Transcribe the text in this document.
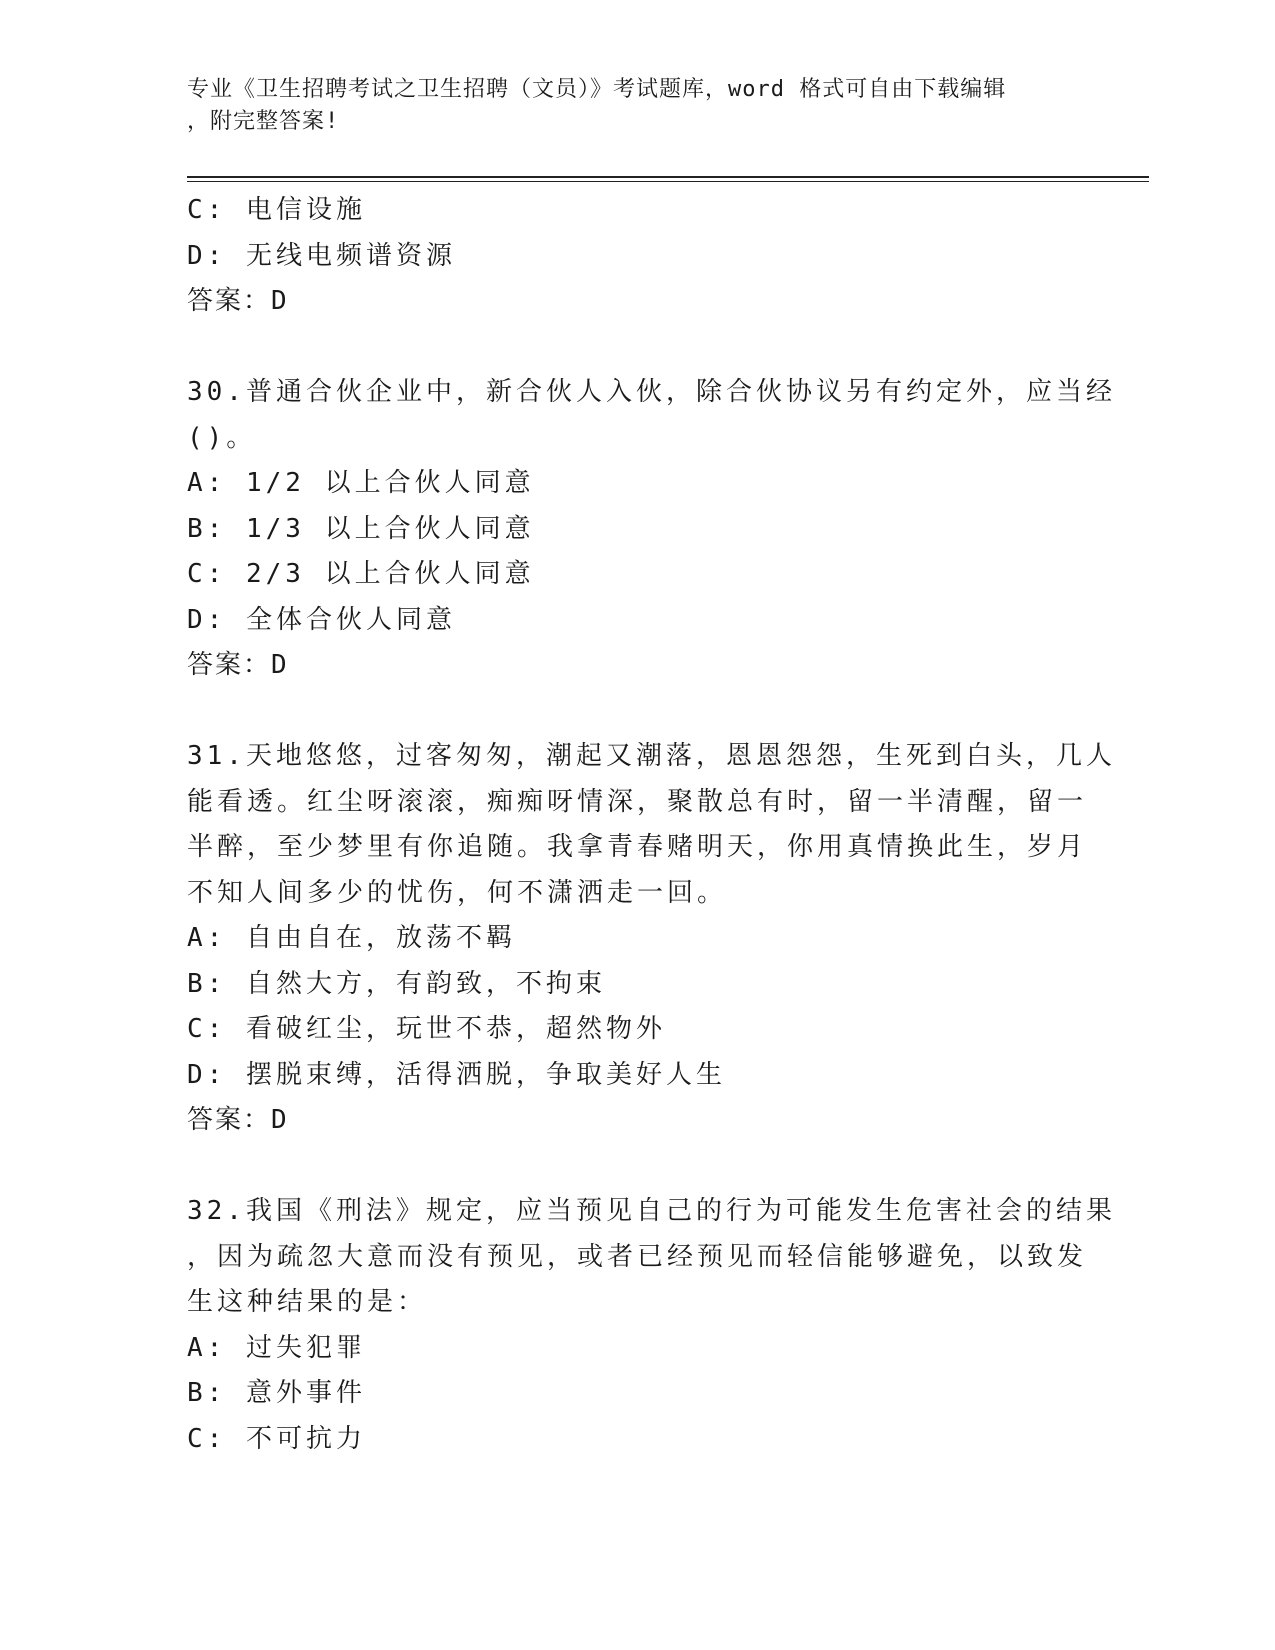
专业《卫生招聘考试之卫生招聘（文员）》考试题库，word 格式可自由下载编辑
，附完整答案!
C: 电信设施
D: 无线电频谱资源
答案：D
30.普通合伙企业中，新合伙人入伙，除合伙协议另有约定外，应当经
()。
A: 1/2 以上合伙人同意
B: 1/3 以上合伙人同意
C: 2/3 以上合伙人同意
D: 全体合伙人同意
答案：D
31.天地悠悠，过客匆匆，潮起又潮落，恩恩怨怨，生死到白头，几人
能看透。红尘呀滚滚，痴痴呀情深，聚散总有时，留一半清醒，留一
半醉，至少梦里有你追随。我拿青春赌明天，你用真情换此生，岁月
不知人间多少的忧伤，何不潇洒走一回。
A: 自由自在，放荡不羁
B: 自然大方，有韵致，不拘束
C: 看破红尘，玩世不恭，超然物外
D: 摆脱束缚，活得洒脱，争取美好人生
答案：D
32.我国《刑法》规定，应当预见自己的行为可能发生危害社会的结果
，因为疏忽大意而没有预见，或者已经预见而轻信能够避免，以致发
生这种结果的是：
A: 过失犯罪
B: 意外事件
C: 不可抗力
